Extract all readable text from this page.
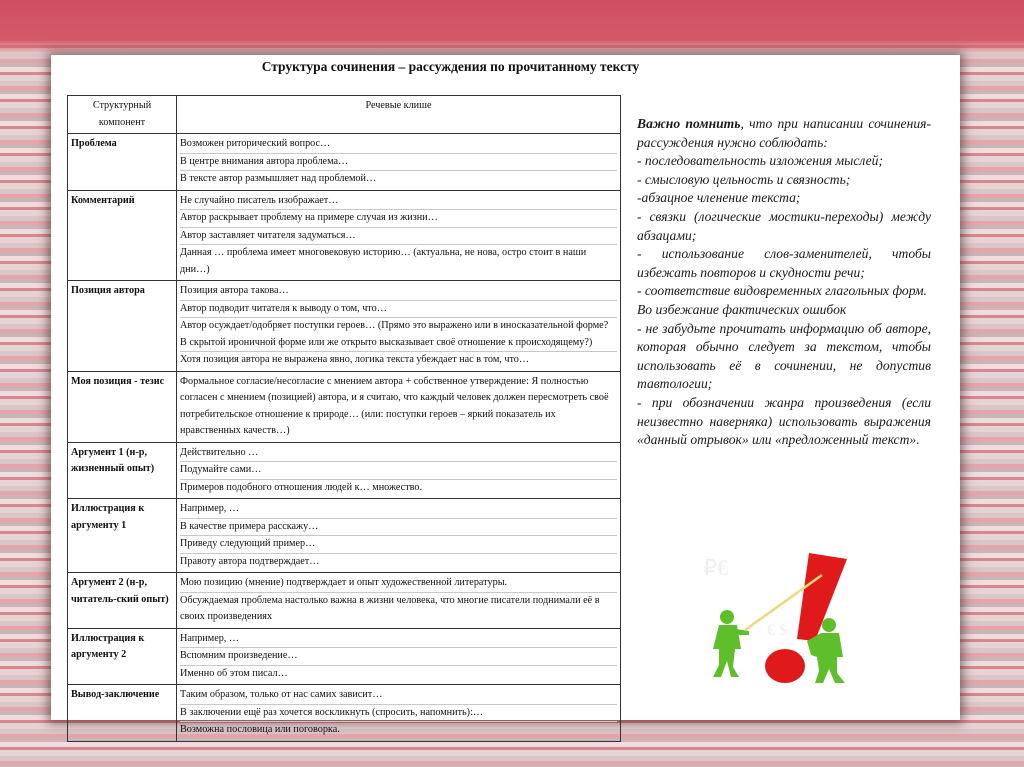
Структура сочинения – рассуждения по прочитанному тексту
Структурный компонент	Речевые клише
Проблема	Возможен риторический вопрос…
В центре внимания автора проблема…
В тексте автор размышляет над проблемой…

Комментарий	Не случайно писатель изображает…
Автор раскрывает проблему на примере случая из жизни…
Автор заставляет читателя задуматься…
Данная … проблема имеет многовековую историю… (актуальна, не нова, остро стоит в наши дни…)

Позиция автора	Позиция автора такова…
Автор подводит читателя к выводу о том, что…
Автор осуждает/одобряет поступки героев… (Прямо это выражено или в иносказательной форме? В скрытой ироничной форме или же открыто высказывает своё отношение к происходящему?)
Хотя позиция автора не выражена явно, логика текста убеждает нас в том, что…

Моя позиция - тезис	Формальное согласие/несогласие с мнением автора + собственное утверждение: Я полностью согласен с мнением (позицией) автора, и я считаю, что каждый человек должен пересмотреть своё потребительское отношение к природе… (или: поступки героев – яркий показатель их нравственных качеств…)

Аргумент 1 (н-р, жизненный опыт)	Действительно …
Подумайте сами…
Примеров подобного отношения людей к… множество.

Иллюстрация к аргументу 1	Например, …
В качестве примера расскажу…
Приведу следующий пример…
Правоту автора подтверждает…

Аргумент 2 (н-р, читатель-ский опыт)	Мою позицию (мнение) подтверждает и опыт художественной литературы.
Обсуждаемая проблема настолько важна в жизни человека, что многие писатели поднимали её в своих произведениях

Иллюстрация к аргументу 2	Например, …
Вспомним произведение…
Именно об этом писал…

Вывод-заключение	Таким образом, только от нас самих зависит…
В заключении ещё раз хочется воскликнуть (спросить, напомнить):…
Возможна пословица или поговорка.
Важно помнить, что при написании сочинения-рассуждения нужно соблюдать:
- последовательность изложения мыслей;
- смысловую цельность и связность;
-абзацное членение текста;
- связки (логические мостики-переходы) между абзацами;
- использование слов-заменителей, чтобы избежать повторов и скудности речи;
- соответствие видовременных глагольных форм.
Во избежание фактических ошибок
- не забудьте прочитать информацию об авторе, которая обычно следует за текстом, чтобы использовать её в сочинении, не допустив тавтологии;
- при обозначении жанра произведения (если неизвестно наверняка) использовать выражения «данный отрывок» или «предложенный текст».
₽€
€ $
